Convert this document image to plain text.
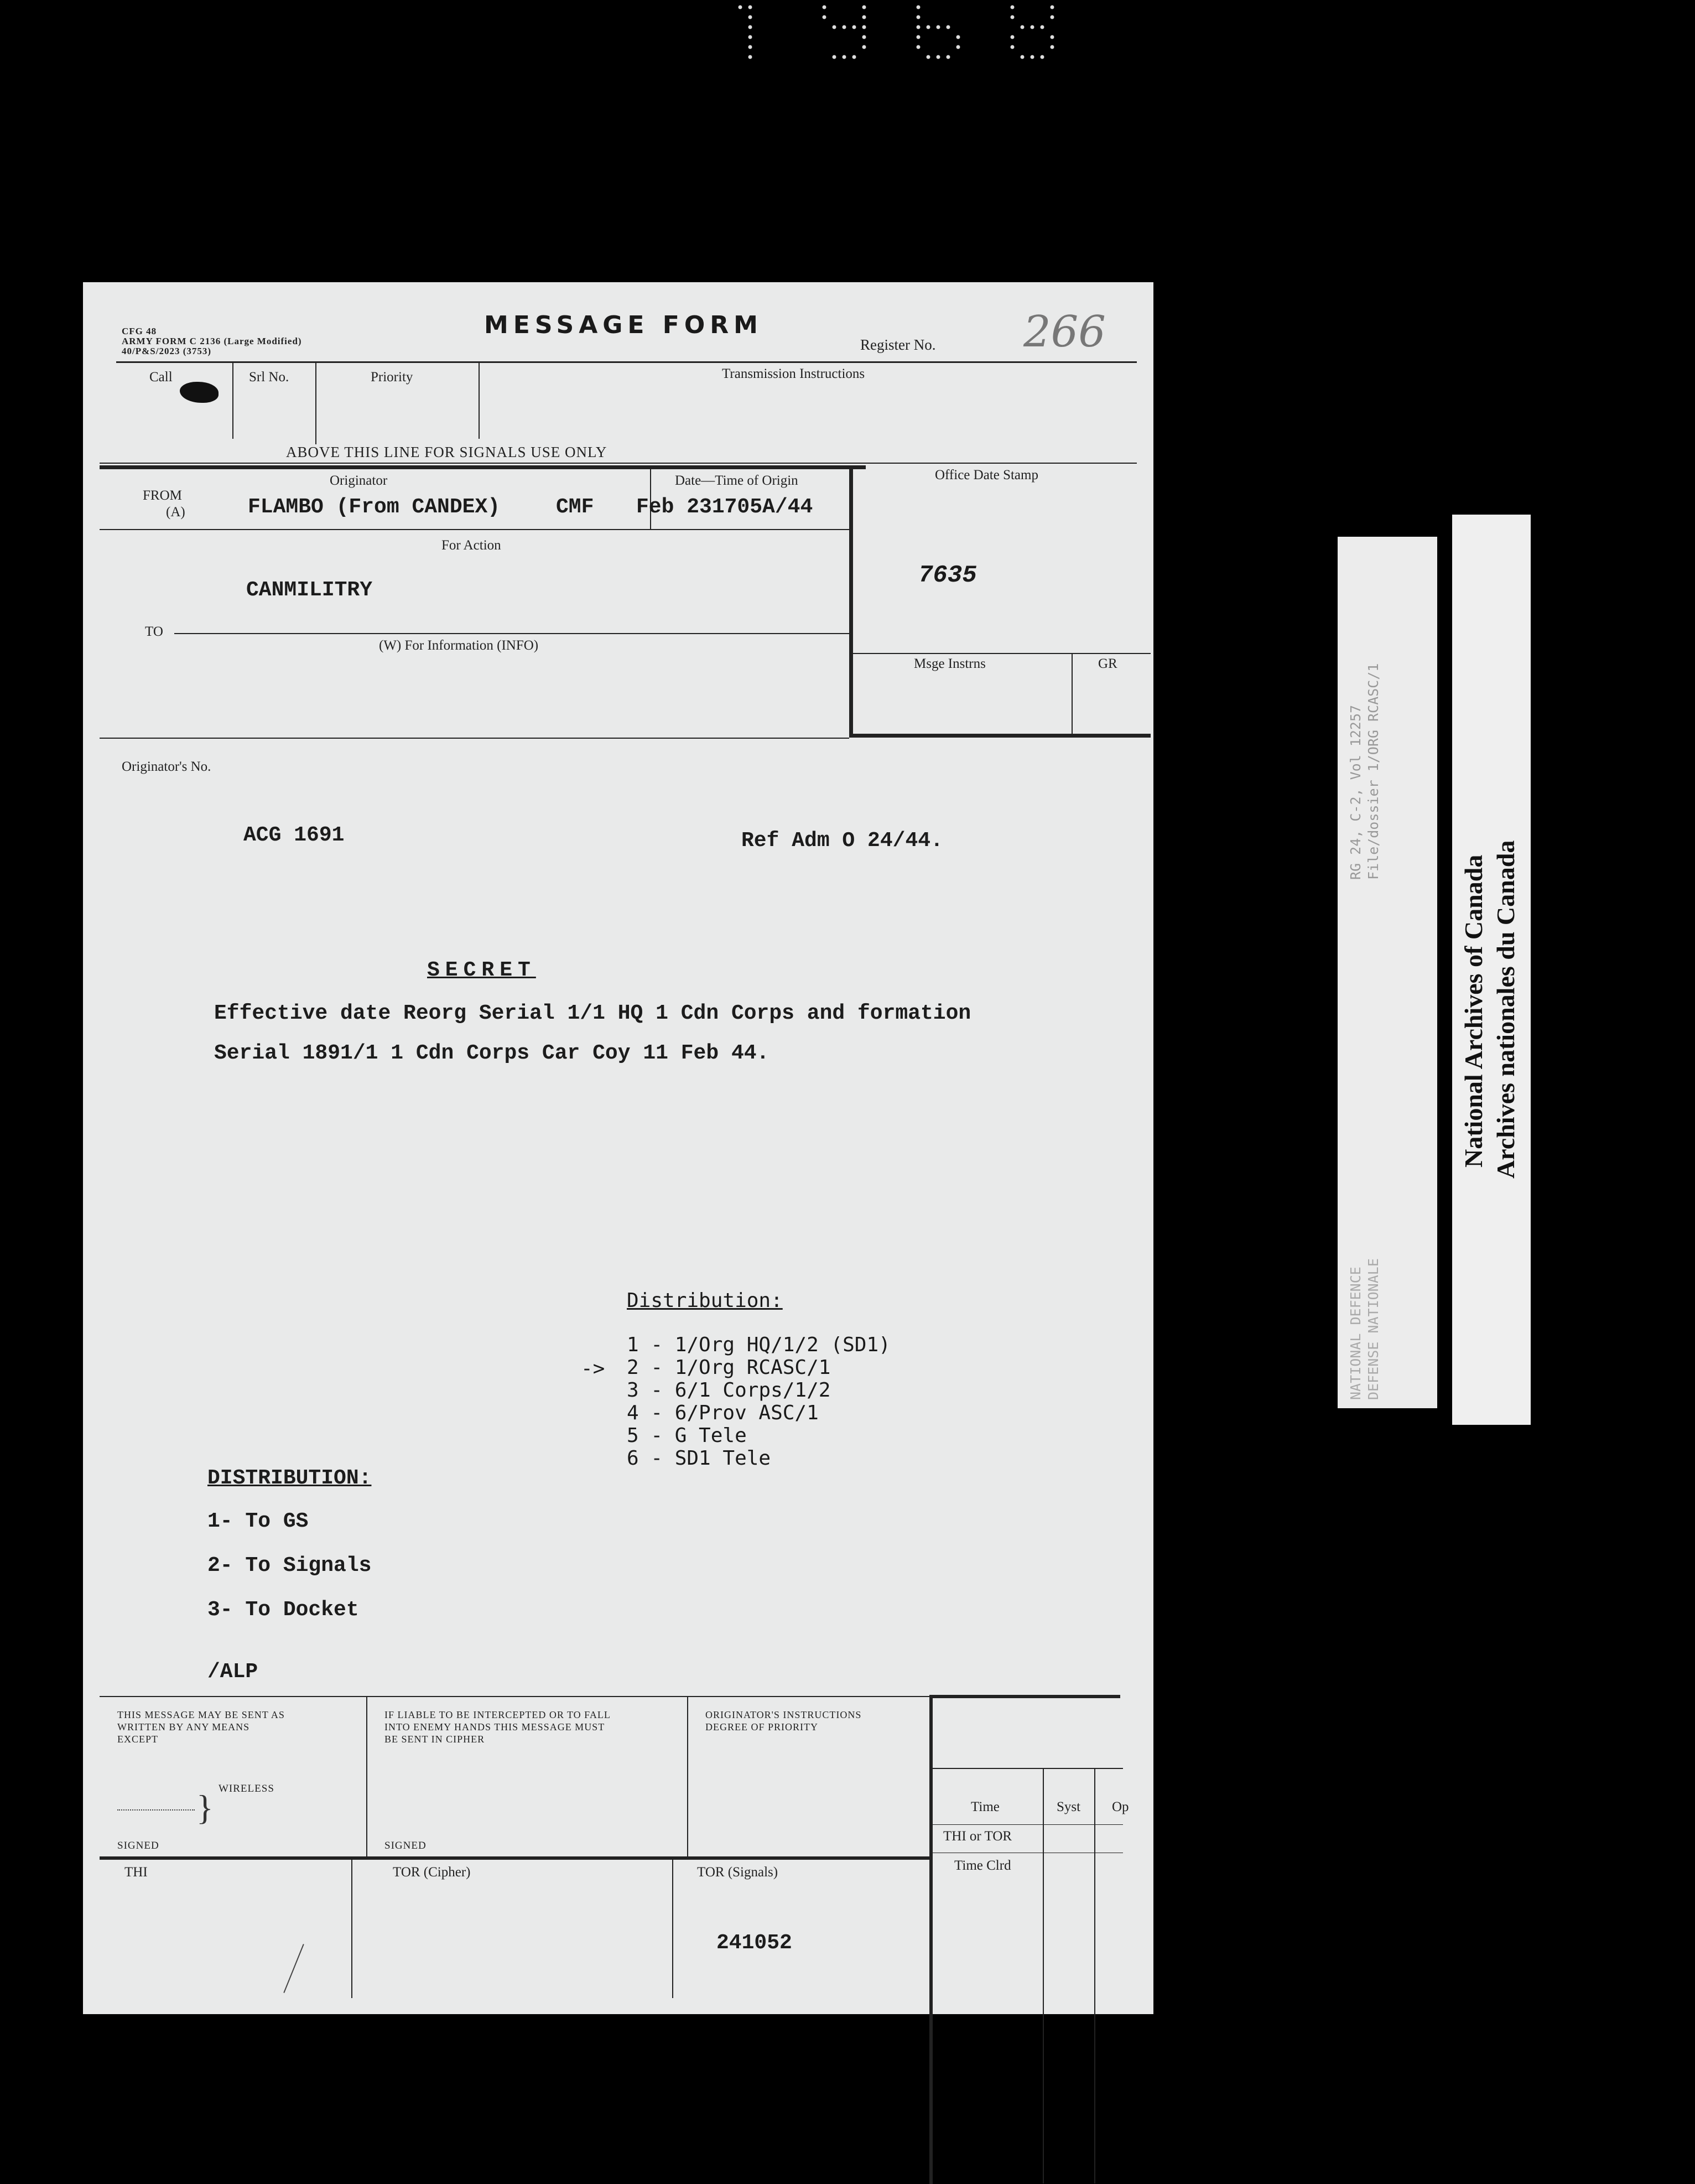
CFG 48
ARMY FORM C 2136 (Large Modified)
40/P&S/2023 (3753)
MESSAGE FORM
Register No. 266
Call	Srl No.	Priority	Transmission Instructions
ABOVE THIS LINE FOR SIGNALS USE ONLY
FROM
(A)
Originator
FLAMBO (From CANDEX)	CMF
Date—Time of Origin
Feb 231705A/44
Office Date Stamp
7635
For Action
CANMILITRY
TO
(W) For Information (INFO)
Msge Instrns	GR
Originator's No.
ACG 1691	Ref Adm O 24/44.
SECRET
Effective date Reorg Serial 1/1 HQ 1 Cdn Corps and formation
Serial 1891/1 1 Cdn Corps Car Coy 11 Feb 44.
Distribution:
->
1 - 1/Org HQ/1/2 (SD1)
2 - 1/Org RCASC/1
3 - 6/1 Corps/1/2
4 - 6/Prov ASC/1
5 - G Tele
6 - SD1 Tele
DISTRIBUTION:
1- To GS
2- To Signals
3- To Docket
/ALP
THIS MESSAGE MAY BE SENT AS
WRITTEN BY ANY MEANS
EXCEPT
} WIRELESS
SIGNED
IF LIABLE TO BE INTERCEPTED OR TO FALL
INTO ENEMY HANDS THIS MESSAGE MUST
BE SENT IN CIPHER
SIGNED
ORIGINATOR'S INSTRUCTIONS
DEGREE OF PRIORITY
Time	Syst Op
THI or TOR
Time Clrd
THI	TOR (Cipher)	TOR (Signals)
241052
RG 24, C-2, Vol 12257 File/dossier 1/ORG RCASC/1
NATIONAL DEFENCE DEFENSE NATIONALE
National Archives of Canada Archives nationales du Canada
